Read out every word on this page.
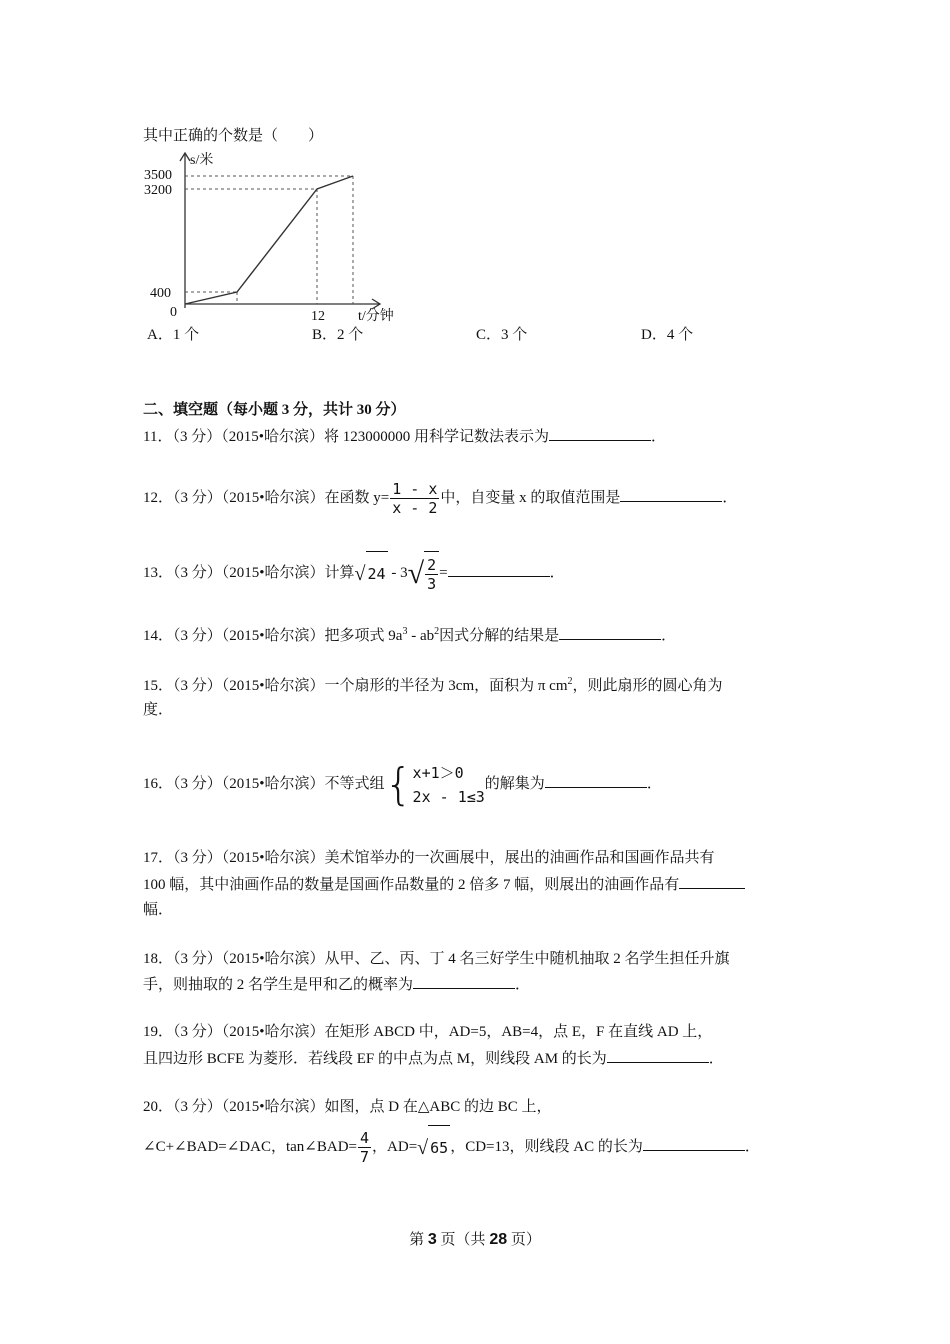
其中正确的个数是（　　）
s/米
t/分钟
0
3500
3200
400
12
A．1 个	B．2 个	C．3 个	D．4 个
二、填空题（每小题 3 分，共计 30 分）
11．（3 分）（2015•哈尔滨）将 123000000 用科学记数法表示为	．
12．（3 分）（2015•哈尔滨）在函数 $y= \frac{1 - x}{x - 2}$ 中，自变量 x 的取值范围是	．
13．（3 分）（2015•哈尔滨）计算 √ 24 - 3 √ $\frac{2}{3}$ =	．
14．（3 分）（2015•哈尔滨）把多项式 $9a^3 - ab^2$因式分解的结果是	．
15．（3 分）（2015•哈尔滨）一个扇形的半径为 3cm，面积为 π $cm^2$，则此扇形的圆心角为
度．
16．（3 分）（2015•哈尔滨）不等式组 { x+1＞0
2x - 1≤3
的解集为	．
17．（3 分）（2015•哈尔滨）美术馆举办的一次画展中，展出的油画作品和国画作品共有
100 幅，其中油画作品的数量是国画作品数量的 2 倍多 7 幅，则展出的油画作品有
幅．
18．（3 分）（2015•哈尔滨）从甲、乙、丙、丁 4 名三好学生中随机抽取 2 名学生担任升旗
手，则抽取的 2 名学生是甲和乙的概率为	．
19．（3 分）（2015•哈尔滨）在矩形 ABCD 中，AD=5，AB=4，点 E，F 在直线 AD 上，
且四边形 BCFE 为菱形．若线段 EF 的中点为点 M，则线段 AM 的长为	．
20．（3 分）（2015•哈尔滨）如图，点 D 在△ABC 的边 BC 上，
∠C+∠BAD=∠DAC，tan∠BAD= $\frac{4}{7}$ ，AD= √ 65 ，CD=13，则线段 AC 的长为	．
第 3 页（共 28 页）
